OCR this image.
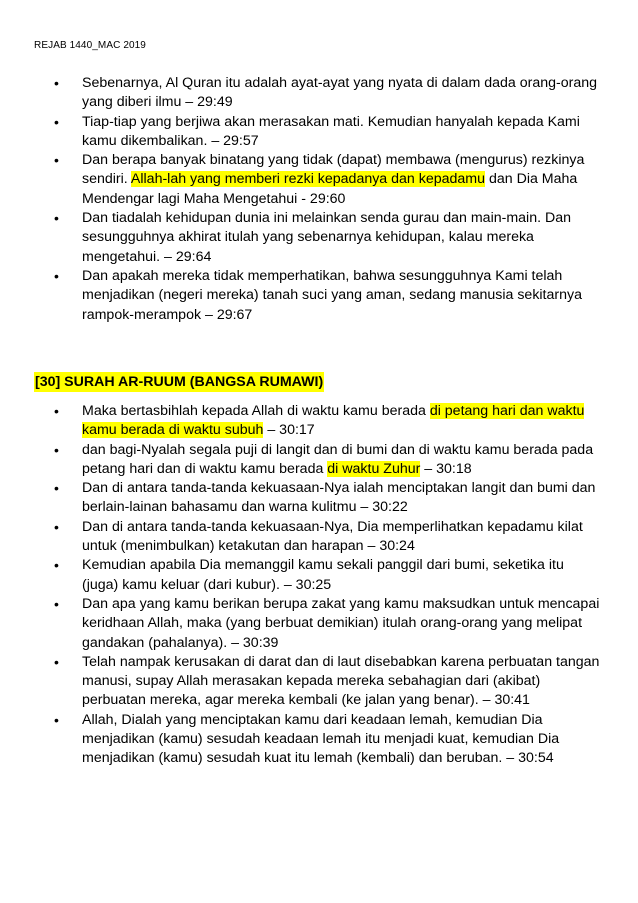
REJAB 1440_MAC 2019
• Sebenarnya, Al Quran itu adalah ayat-ayat yang nyata di dalam dada orang-orang yang diberi ilmu – 29:49
• Tiap-tiap yang berjiwa akan merasakan mati. Kemudian hanyalah kepada Kami kamu dikembalikan. – 29:57
• Dan berapa banyak binatang yang tidak (dapat) membawa (mengurus) rezkinya sendiri. Allah-lah yang memberi rezki kepadanya dan kepadamu dan Dia Maha Mendengar lagi Maha Mengetahui - 29:60
• Dan tiadalah kehidupan dunia ini melainkan senda gurau dan main-main. Dan sesungguhnya akhirat itulah yang sebenarnya kehidupan, kalau mereka mengetahui. – 29:64
• Dan apakah mereka tidak memperhatikan, bahwa sesungguhnya Kami telah menjadikan (negeri mereka) tanah suci yang aman, sedang manusia sekitarnya rampok-merampok – 29:67
[30] SURAH AR-RUUM (BANGSA RUMAWI)
• Maka bertasbihlah kepada Allah di waktu kamu berada di petang hari dan waktu kamu berada di waktu subuh – 30:17
• dan bagi-Nyalah segala puji di langit dan di bumi dan di waktu kamu berada pada petang hari dan di waktu kamu berada di waktu Zuhur – 30:18
• Dan di antara tanda-tanda kekuasaan-Nya ialah menciptakan langit dan bumi dan berlain-lainan bahasamu dan warna kulitmu – 30:22
• Dan di antara tanda-tanda kekuasaan-Nya, Dia memperlihatkan kepadamu kilat untuk (menimbulkan) ketakutan dan harapan – 30:24
• Kemudian apabila Dia memanggil kamu sekali panggil dari bumi, seketika itu (juga) kamu keluar (dari kubur). – 30:25
• Dan apa yang kamu berikan berupa zakat yang kamu maksudkan untuk mencapai keridhaan Allah, maka (yang berbuat demikian) itulah orang-orang yang melipat gandakan (pahalanya). – 30:39
• Telah nampak kerusakan di darat dan di laut disebabkan karena perbuatan tangan manusi, supay Allah merasakan kepada mereka sebahagian dari (akibat) perbuatan mereka, agar mereka kembali (ke jalan yang benar). – 30:41
• Allah, Dialah yang menciptakan kamu dari keadaan lemah, kemudian Dia menjadikan (kamu) sesudah keadaan lemah itu menjadi kuat, kemudian Dia menjadikan (kamu) sesudah kuat itu lemah (kembali) dan beruban. – 30:54
